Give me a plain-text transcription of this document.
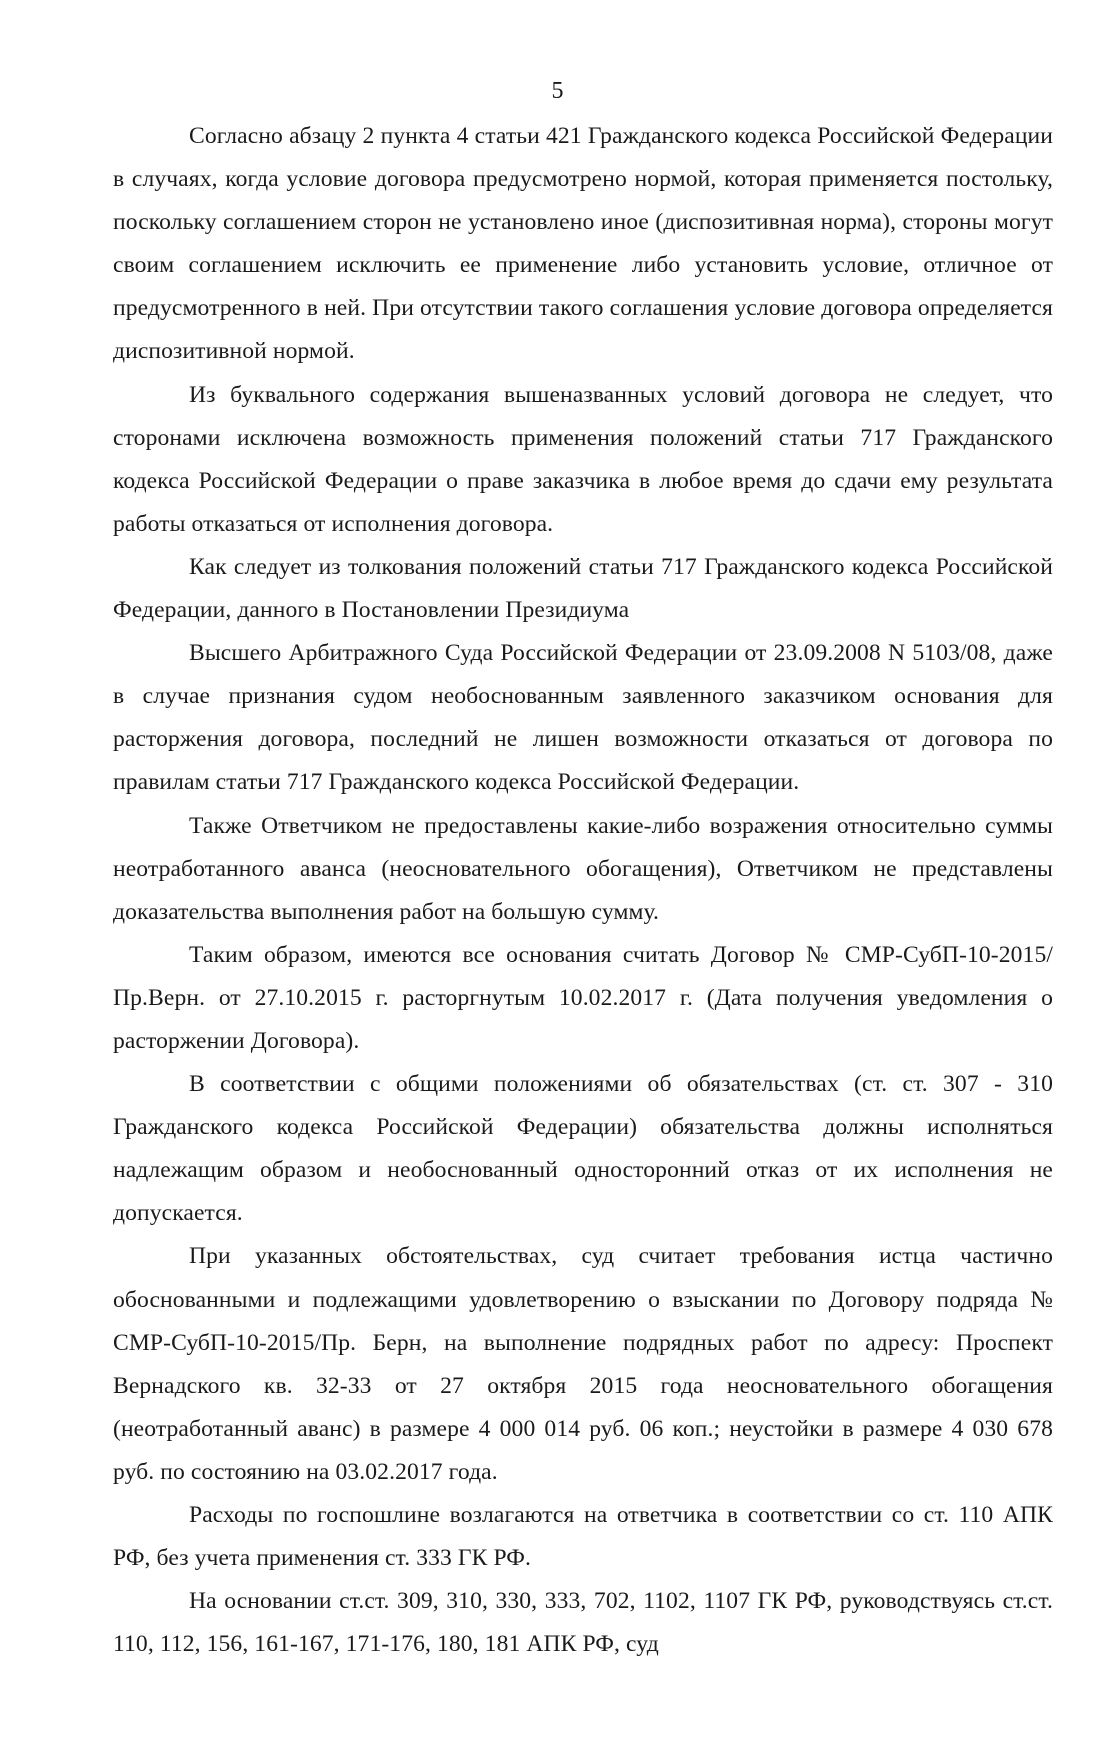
5

Согласно абзацу 2 пункта 4 статьи 421 Гражданского кодекса Российской Федерации в случаях, когда условие договора предусмотрено нормой, которая применяется постольку, поскольку соглашением сторон не установлено иное (диспозитивная норма), стороны могут своим соглашением исключить ее применение либо установить условие, отличное от предусмотренного в ней. При отсутствии такого соглашения условие договора определяется диспозитивной нормой.

Из буквального содержания вышеназванных условий договора не следует, что сторонами исключена возможность применения положений статьи 717 Гражданского кодекса Российской Федерации о праве заказчика в любое время до сдачи ему результата работы отказаться от исполнения договора.

Как следует из толкования положений статьи 717 Гражданского кодекса Российской Федерации, данного в Постановлении Президиума

Высшего Арбитражного Суда Российской Федерации от 23.09.2008 N 5103/08, даже в случае признания судом необоснованным заявленного заказчиком основания для расторжения договора, последний не лишен возможности отказаться от договора по правилам статьи 717 Гражданского кодекса Российской Федерации.

Также Ответчиком не предоставлены какие-либо возражения относительно суммы неотработанного аванса (неосновательного обогащения), Ответчиком не представлены доказательства выполнения работ на большую сумму.

Таким образом, имеются все основания считать Договор № СМР-СубП-10-2015/Пр.Верн. от 27.10.2015 г. расторгнутым 10.02.2017 г. (Дата получения уведомления о расторжении Договора).

В соответствии с общими положениями об обязательствах (ст. ст. 307 - 310 Гражданского кодекса Российской Федерации) обязательства должны исполняться надлежащим образом и необоснованный односторонний отказ от их исполнения не допускается.

При указанных обстоятельствах, суд считает требования истца частично обоснованными и подлежащими удовлетворению о взыскании по Договору подряда № СМР-СубП-10-2015/Пр. Берн, на выполнение подрядных работ по адресу: Проспект Вернадского кв. 32-33 от 27 октября 2015 года неосновательного обогащения (неотработанный аванс) в размере 4 000 014 руб. 06 коп.; неустойки в размере 4 030 678 руб. по состоянию на 03.02.2017 года.

Расходы по госпошлине возлагаются на ответчика в соответствии со ст. 110 АПК РФ, без учета применения ст. 333 ГК РФ.

На основании ст.ст. 309, 310, 330, 333, 702, 1102, 1107 ГК РФ, руководствуясь ст.ст. 110, 112, 156, 161-167, 171-176, 180, 181 АПК РФ, суд
